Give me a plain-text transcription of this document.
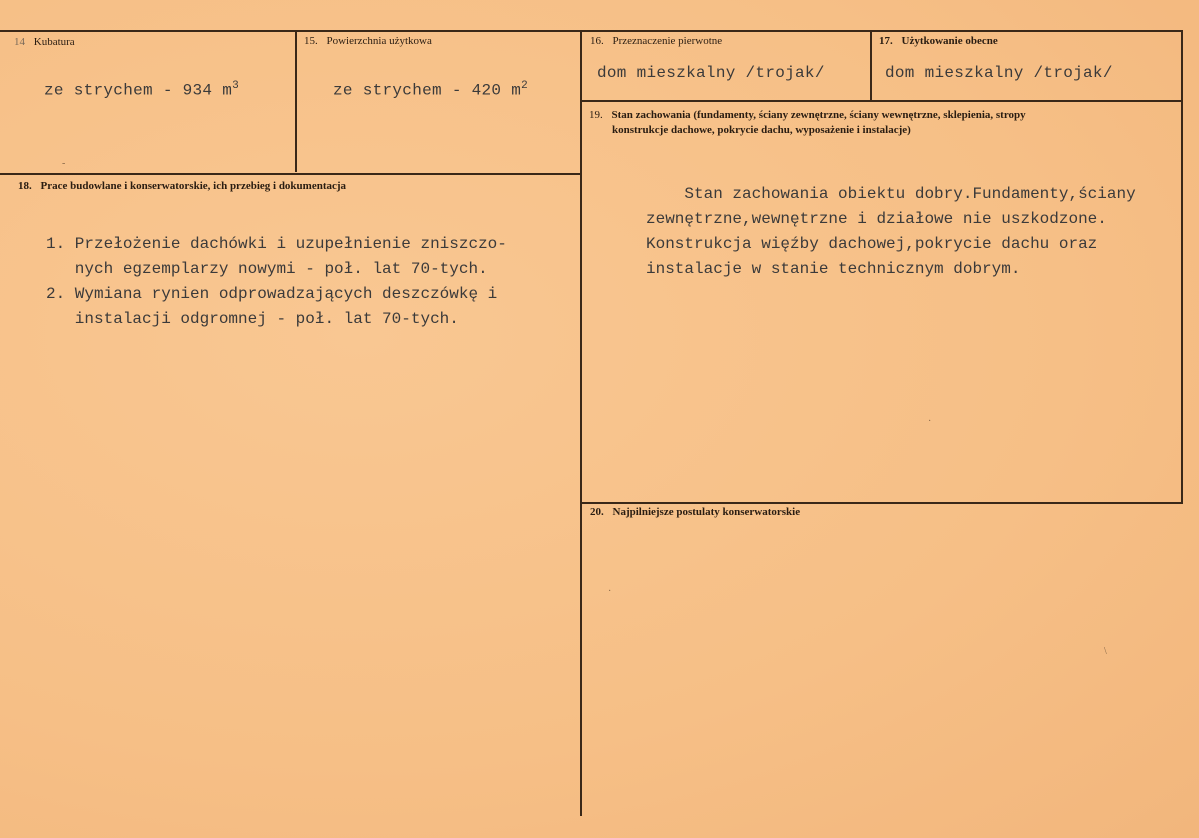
14 Kubatura
ze strychem - 934 $m^3$
15. Powierzchnia użytkowa
ze strychem - 420 $m^2$
16. Przeznaczenie pierwotne
dom mieszkalny /trojak/
17. Użytkowanie obecne
dom mieszkalny /trojak/
18. Prace budowlane i konserwatorskie, ich przebieg i dokumentacja
1. Przełożenie dachówki i uzupełnienie zniszczo-
nych egzemplarzy nowymi - poł. lat 70-tych.
2. Wymiana rynien odprowadzających deszczówkę i
instalacji odgromnej - poł. lat 70-tych.
19. Stan zachowania (fundamenty, ściany zewnętrzne, ściany wewnętrzne, sklepienia, stropy
konstrukcje dachowe, pokrycie dachu, wyposażenie i instalacje)
Stan zachowania obiektu dobry.Fundamenty,ściany
zewnętrzne,wewnętrzne i działowe nie uszkodzone.
Konstrukcja więźby dachowej,pokrycie dachu oraz
instalacje w stanie technicznym dobrym.
20. Najpilniejsze postulaty konserwatorskie
·
-
\
·
